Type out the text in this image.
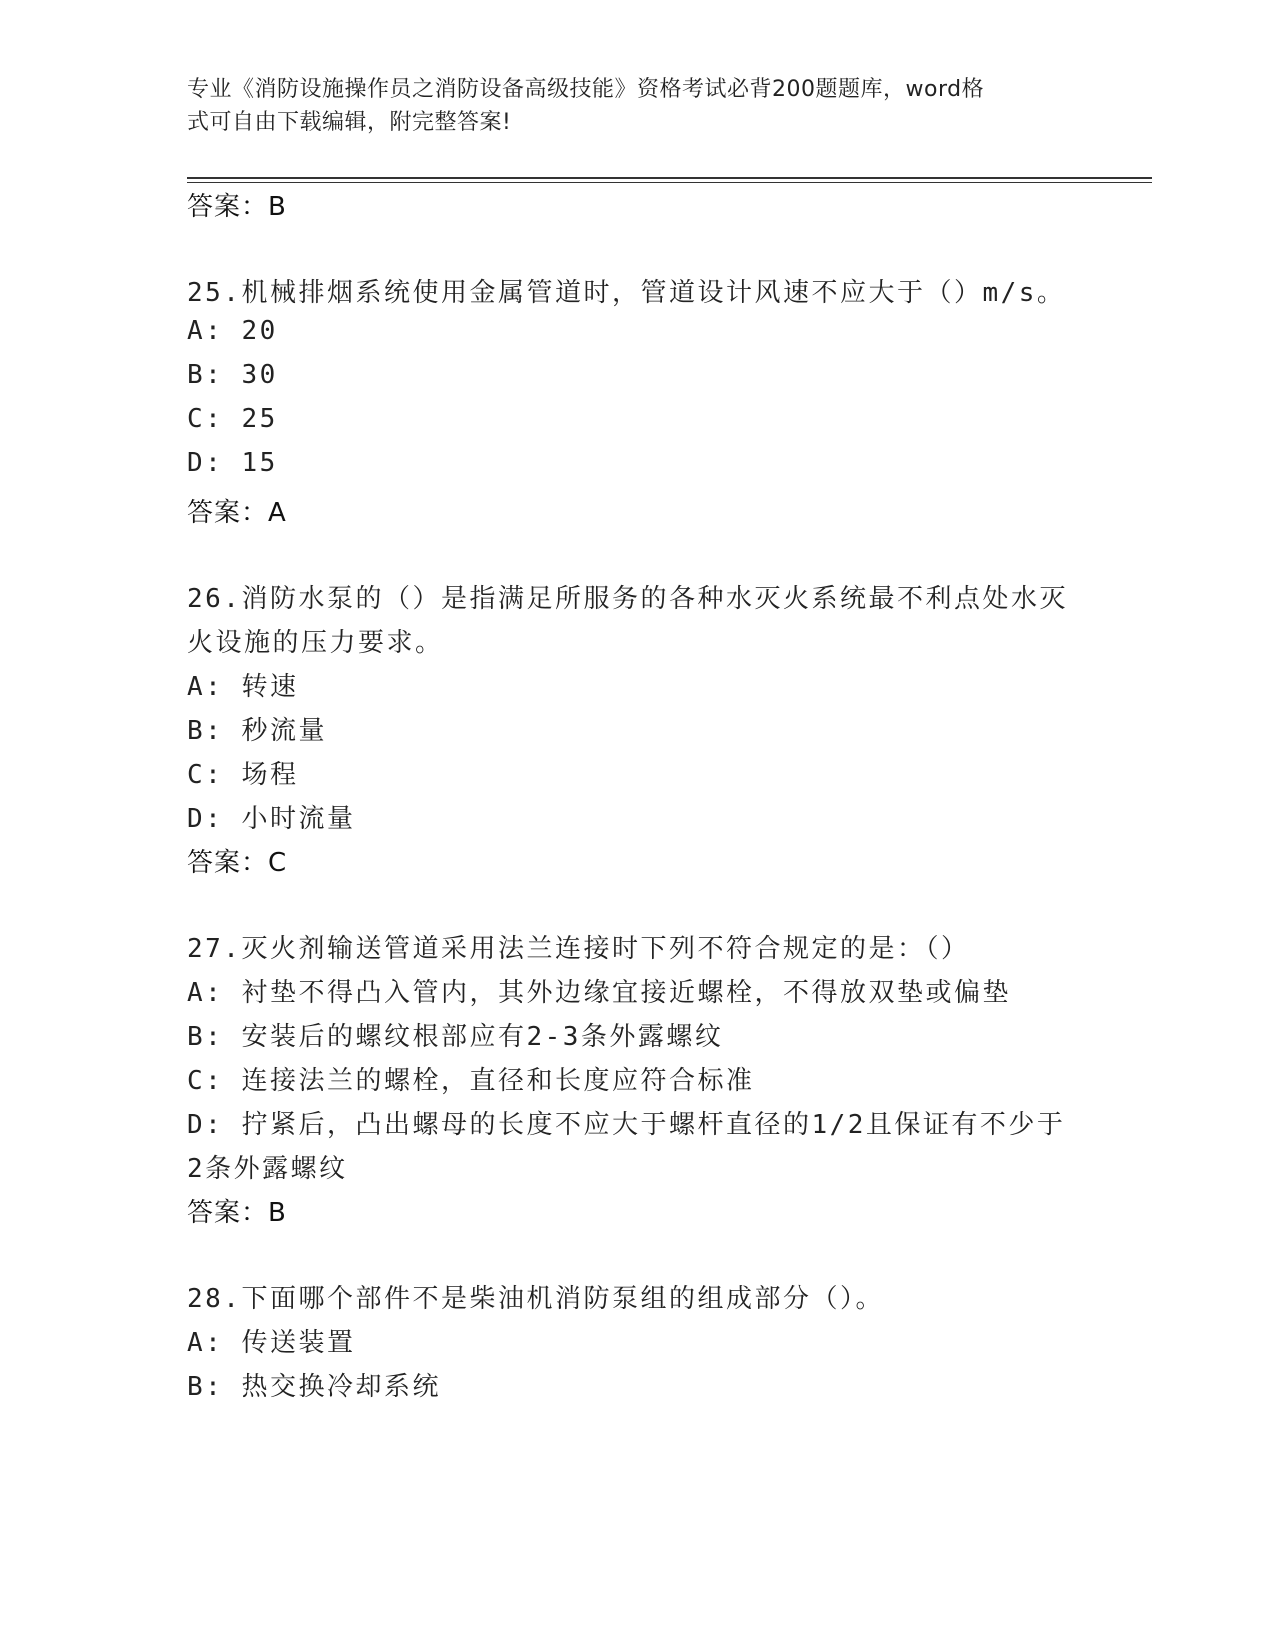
专业《消防设施操作员之消防设备高级技能》资格考试必背200题题库，word格
式可自由下载编辑，附完整答案!
答案：B
25.机械排烟系统使用金属管道时，管道设计风速不应大于（）m/s。
A: 20
B: 30
C: 25
D: 15
答案：A
26.消防水泵的（）是指满足所服务的各种水灭火系统最不利点处水灭
火设施的压力要求。
A: 转速
B: 秒流量
C: 场程
D: 小时流量
答案：C
27.灭火剂输送管道采用法兰连接时下列不符合规定的是：（）
A: 衬垫不得凸入管内，其外边缘宜接近螺栓，不得放双垫或偏垫
B: 安装后的螺纹根部应有2-3条外露螺纹
C: 连接法兰的螺栓，直径和长度应符合标准
D: 拧紧后，凸出螺母的长度不应大于螺杆直径的1/2且保证有不少于
2条外露螺纹
答案：B
28.下面哪个部件不是柴油机消防泵组的组成部分（）。
A: 传送装置
B: 热交换冷却系统
